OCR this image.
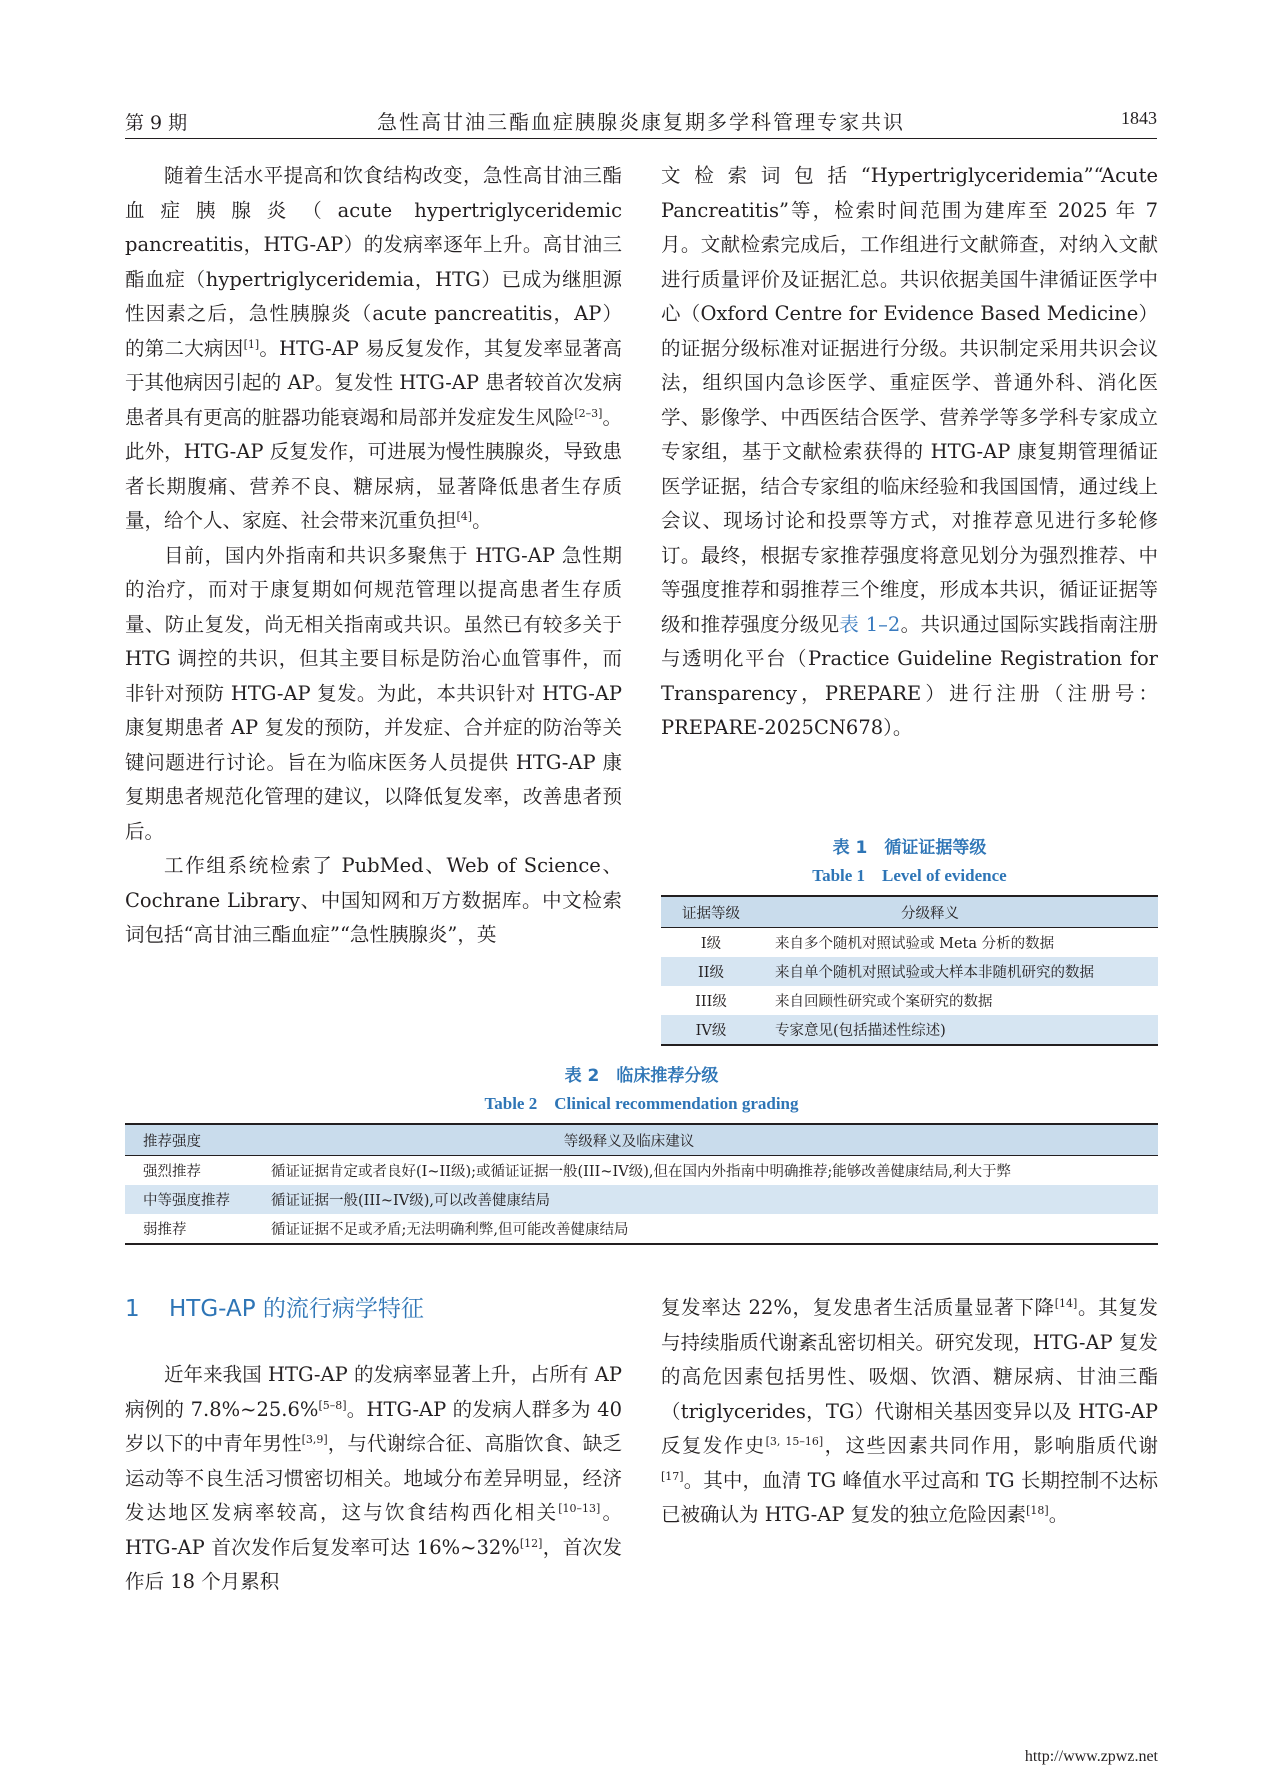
第 9 期	急性高甘油三酯血症胰腺炎康复期多学科管理专家共识	1843

随着生活水平提高和饮食结构改变，急性高甘油三酯血症胰腺炎（acute hypertriglyceridemic pancreatitis，HTG-AP）的发病率逐年上升。高甘油三酯血症（hypertriglyceridemia，HTG）已成为继胆源性因素之后，急性胰腺炎（acute pancreatitis，AP）的第二大病因[1]。HTG-AP 易反复发作，其复发率显著高于其他病因引起的 AP。复发性 HTG-AP 患者较首次发病患者具有更高的脏器功能衰竭和局部并发症发生风险[2–3]。此外，HTG-AP 反复发作，可进展为慢性胰腺炎，导致患者长期腹痛、营养不良、糖尿病，显著降低患者生存质量，给个人、家庭、社会带来沉重负担[4]。

目前，国内外指南和共识多聚焦于 HTG-AP 急性期的治疗，而对于康复期如何规范管理以提高患者生存质量、防止复发，尚无相关指南或共识。虽然已有较多关于 HTG 调控的共识，但其主要目标是防治心血管事件，而非针对预防 HTG-AP 复发。为此，本共识针对 HTG-AP 康复期患者 AP 复发的预防，并发症、合并症的防治等关键问题进行讨论。旨在为临床医务人员提供 HTG-AP 康复期患者规范化管理的建议，以降低复发率，改善患者预后。

工作组系统检索了 PubMed、Web of Science、Cochrane Library、中国知网和万方数据库。中文检索词包括“高甘油三酯血症”“急性胰腺炎”，英

文检索词包括“Hypertriglyceridemia”“Acute Pancreatitis”等，检索时间范围为建库至 2025 年 7 月。文献检索完成后，工作组进行文献筛查，对纳入文献进行质量评价及证据汇总。共识依据美国牛津循证医学中心（Oxford Centre for Evidence Based Medicine）的证据分级标准对证据进行分级。共识制定采用共识会议法，组织国内急诊医学、重症医学、普通外科、消化医学、影像学、中西医结合医学、营养学等多学科专家成立专家组，基于文献检索获得的 HTG-AP 康复期管理循证医学证据，结合专家组的临床经验和我国国情，通过线上会议、现场讨论和投票等方式，对推荐意见进行多轮修订。最终，根据专家推荐强度将意见划分为强烈推荐、中等强度推荐和弱推荐三个维度，形成本共识，循证证据等级和推荐强度分级见表 1–2。共识通过国际实践指南注册与透明化平台（Practice Guideline Registration for Transparency，PREPARE）进行注册（注册号：PREPARE-2025CN678）。

表 1　循证证据等级
Table 1　Level of evidence
证据等级	分级释义
I级	来自多个随机对照试验或 Meta 分析的数据
II级	来自单个随机对照试验或大样本非随机研究的数据
III级	来自回顾性研究或个案研究的数据
IV级	专家意见(包括描述性综述)
表 2　临床推荐分级
Table 2　Clinical recommendation grading
推荐强度	等级释义及临床建议
强烈推荐	循证证据肯定或者良好(I~II级);或循证证据一般(III~IV级),但在国内外指南中明确推荐;能够改善健康结局,利大于弊
中等强度推荐	循证证据一般(III~IV级),可以改善健康结局
弱推荐	循证证据不足或矛盾;无法明确利弊,但可能改善健康结局
1 HTG-AP 的流行病学特征

近年来我国 HTG-AP 的发病率显著上升，占所有 AP 病例的 7.8%~25.6%[5–8]。HTG-AP 的发病人群多为 40 岁以下的中青年男性[3,9]，与代谢综合征、高脂饮食、缺乏运动等不良生活习惯密切相关。地域分布差异明显，经济发达地区发病率较高，这与饮食结构西化相关[10–13]。HTG-AP 首次发作后复发率可达 16%~32%[12]，首次发作后 18 个月累积

复发率达 22%，复发患者生活质量显著下降[14]。其复发与持续脂质代谢紊乱密切相关。研究发现，HTG-AP 复发的高危因素包括男性、吸烟、饮酒、糖尿病、甘油三酯（triglycerides，TG）代谢相关基因变异以及 HTG-AP 反复发作史[3, 15–16]，这些因素共同作用，影响脂质代谢[17]。其中，血清 TG 峰值水平过高和 TG 长期控制不达标已被确认为 HTG-AP 复发的独立危险因素[18]。

http://www.zpwz.net
